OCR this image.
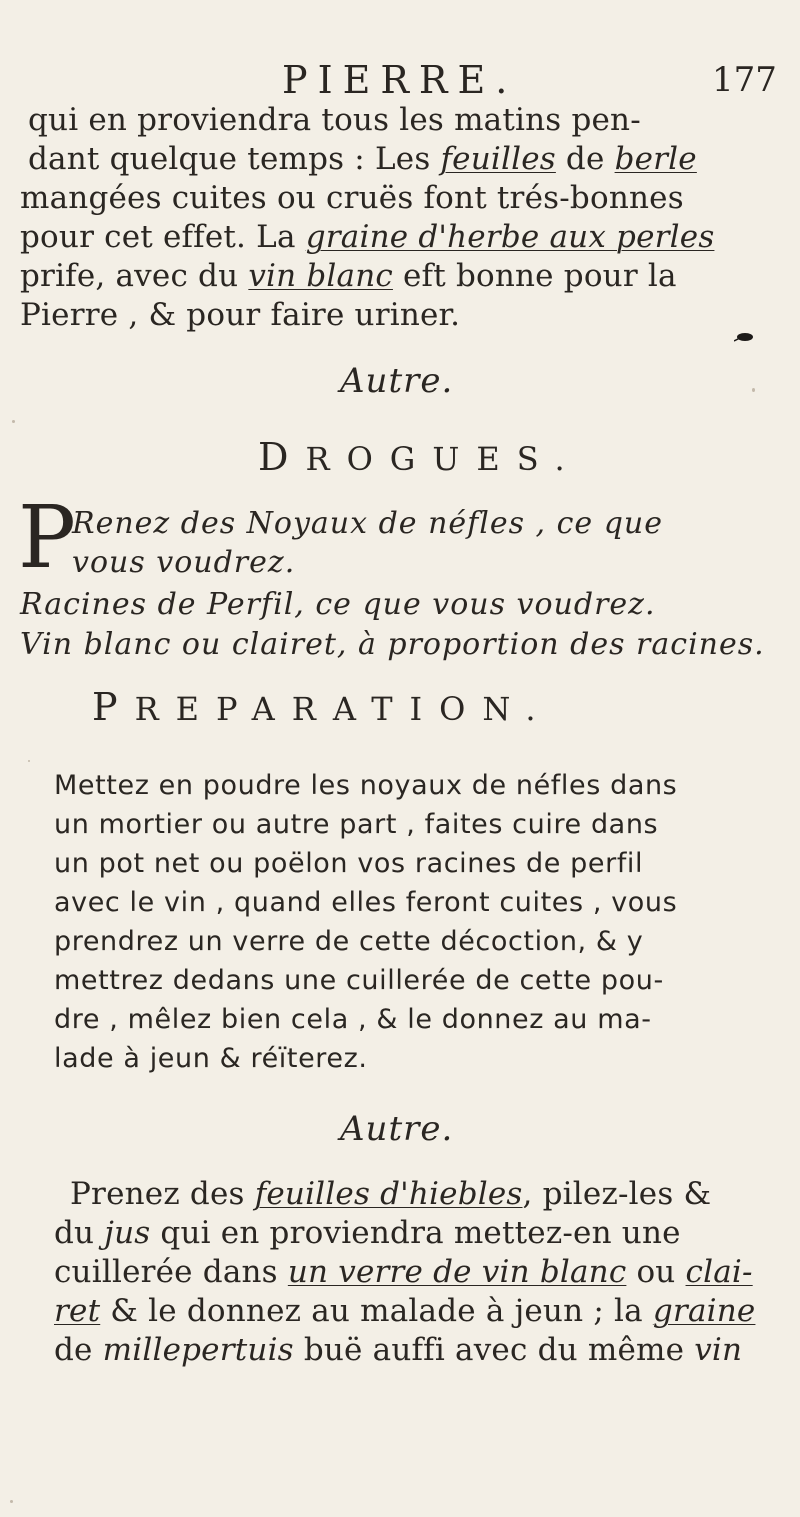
PIERRE.	177
qui en proviendra tous les matins pen-
dant quelque temps : Les feuilles de berle
mangées cuites ou cruës font trés-bonnes
pour cet effet. La graine d'herbe aux perles
prife, avec du vin blanc eft bonne pour la
Pierre , & pour faire uriner.
Autre.
DROGUES.
P
Renez des Noyaux de néfles , ce que
vous voudrez.
Racines de Perfil, ce que vous voudrez.
Vin blanc ou clairet, à proportion des racines.
PREPARATION.
Mettez en poudre les noyaux de néfles dans
un mortier ou autre part , faites cuire dans
un pot net ou poëlon vos racines de perfil
avec le vin , quand elles feront cuites , vous
prendrez un verre de cette décoction, & y
mettrez dedans une cuillerée de cette pou-
dre , mêlez bien cela , & le donnez au ma-
lade à jeun & réïterez.
Autre.
Prenez des feuilles d'hiebles, pilez-les &
du jus qui en proviendra mettez-en une
cuillerée dans un verre de vin blanc ou clai-
ret & le donnez au malade à jeun ; la graine
de millepertuis buë auffi avec du même vin
